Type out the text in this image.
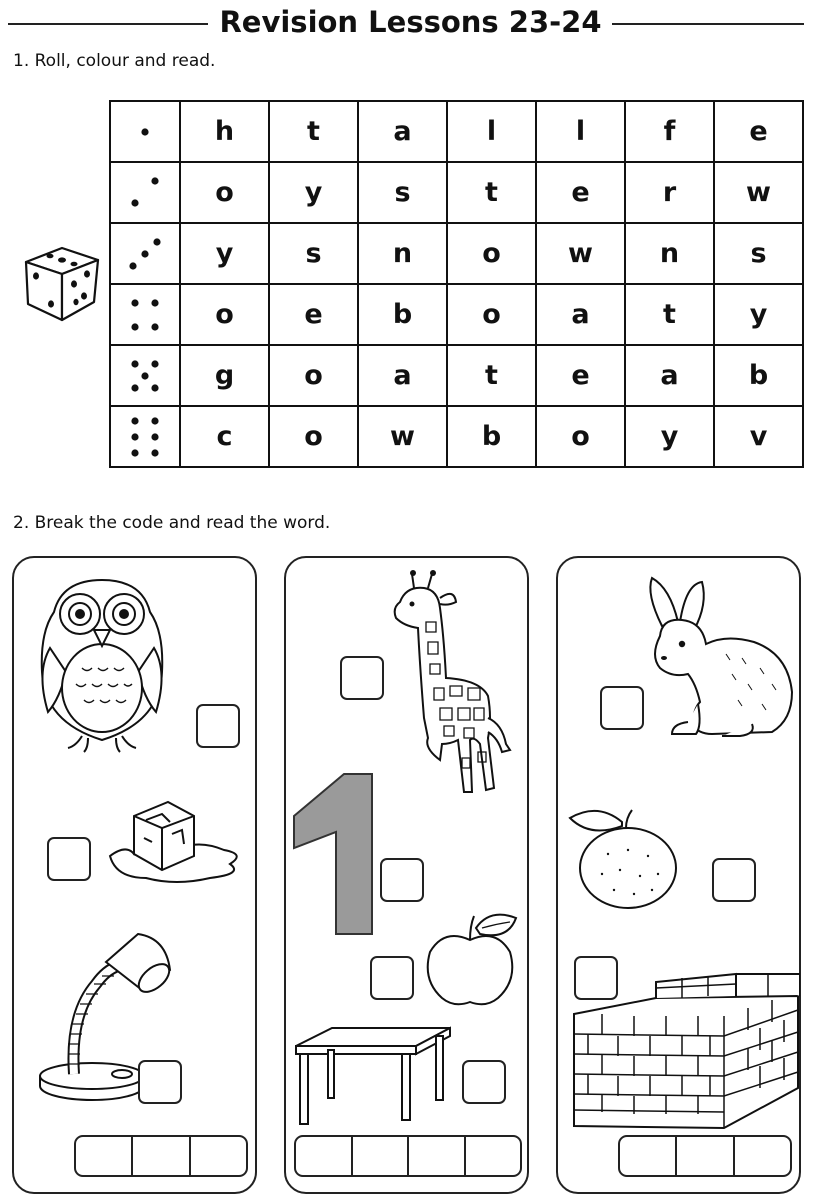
Revision Lessons 23-24
1. Roll, colour and read.
	h	t	a	l	l	f	e

	o	y	s	t	e	r	w

	y	s	n	o	w	n	s

	o	e	b	o	a	t	y

	g	o	a	t	e	a	b

	c	o	w	b	o	y	v
2. Break the code and read the word.
